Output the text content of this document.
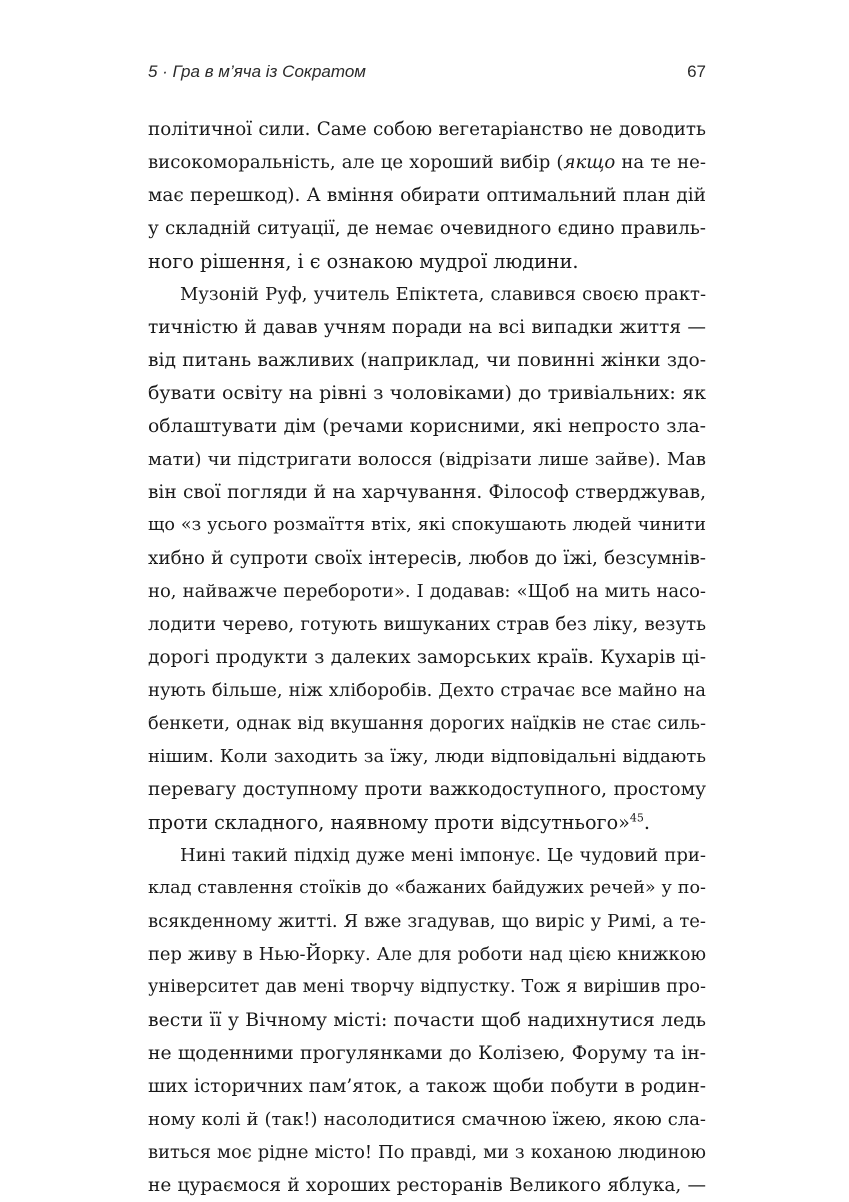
5 · Гра в м’яча із Сократом	67
політичної сили. Саме собою вегетаріанство не доводить
високоморальність, але це хороший вибір (якщо на те не-
має перешкод). А вміння обирати оптимальний план дій
у складній ситуації, де немає очевидного єдино правиль-
ного рішення, і є ознакою мудрої людини.
Музоній Руф, учитель Епіктета, славився своєю практ-
тичністю й давав учням поради на всі випадки життя —
від питань важливих (наприклад, чи повинні жінки здо-
бувати освіту на рівні з чоловіками) до тривіальних: як
облаштувати дім (речами корисними, які непросто зла-
мати) чи підстригати волосся (відрізати лише зайве). Мав
він свої погляди й на харчування. Філософ стверджував,
що «з усього розмаїття втіх, які спокушають людей чинити
хибно й супроти своїх інтересів, любов до їжі, безсумнів-
но, найважче перебороти». І додавав: «Щоб на мить насо-
лодити черево, готують вишуканих страв без ліку, везуть
дорогі продукти з далеких заморських країв. Кухарів ці-
нують більше, ніж хліборобів. Дехто страчає все майно на
бенкети, однак від вкушання дорогих наїдків не стає силь-
нішим. Коли заходить за їжу, люди відповідальні віддають
перевагу доступному проти важкодоступного, простому
проти складного, наявному проти відсутнього»$^{45}$.
Нині такий підхід дуже мені імпонує. Це чудовий при-
клад ставлення стоїків до «бажаних байдужих речей» у по-
всякденному житті. Я вже згадував, що виріс у Римі, а те-
пер живу в Нью-Йорку. Але для роботи над цією книжкою
університет дав мені творчу відпустку. Тож я вирішив про-
вести її у Вічному місті: почасти щоб надихнутися ледь
не щоденними прогулянками до Колізею, Форуму та ін-
ших історичних пам’яток, а також щоби побути в родин-
ному колі й (так!) насолодитися смачною їжею, якою сла-
виться моє рідне місто! По правді, ми з коханою людиною
не цураємося й хороших ресторанів Великого яблука, —
